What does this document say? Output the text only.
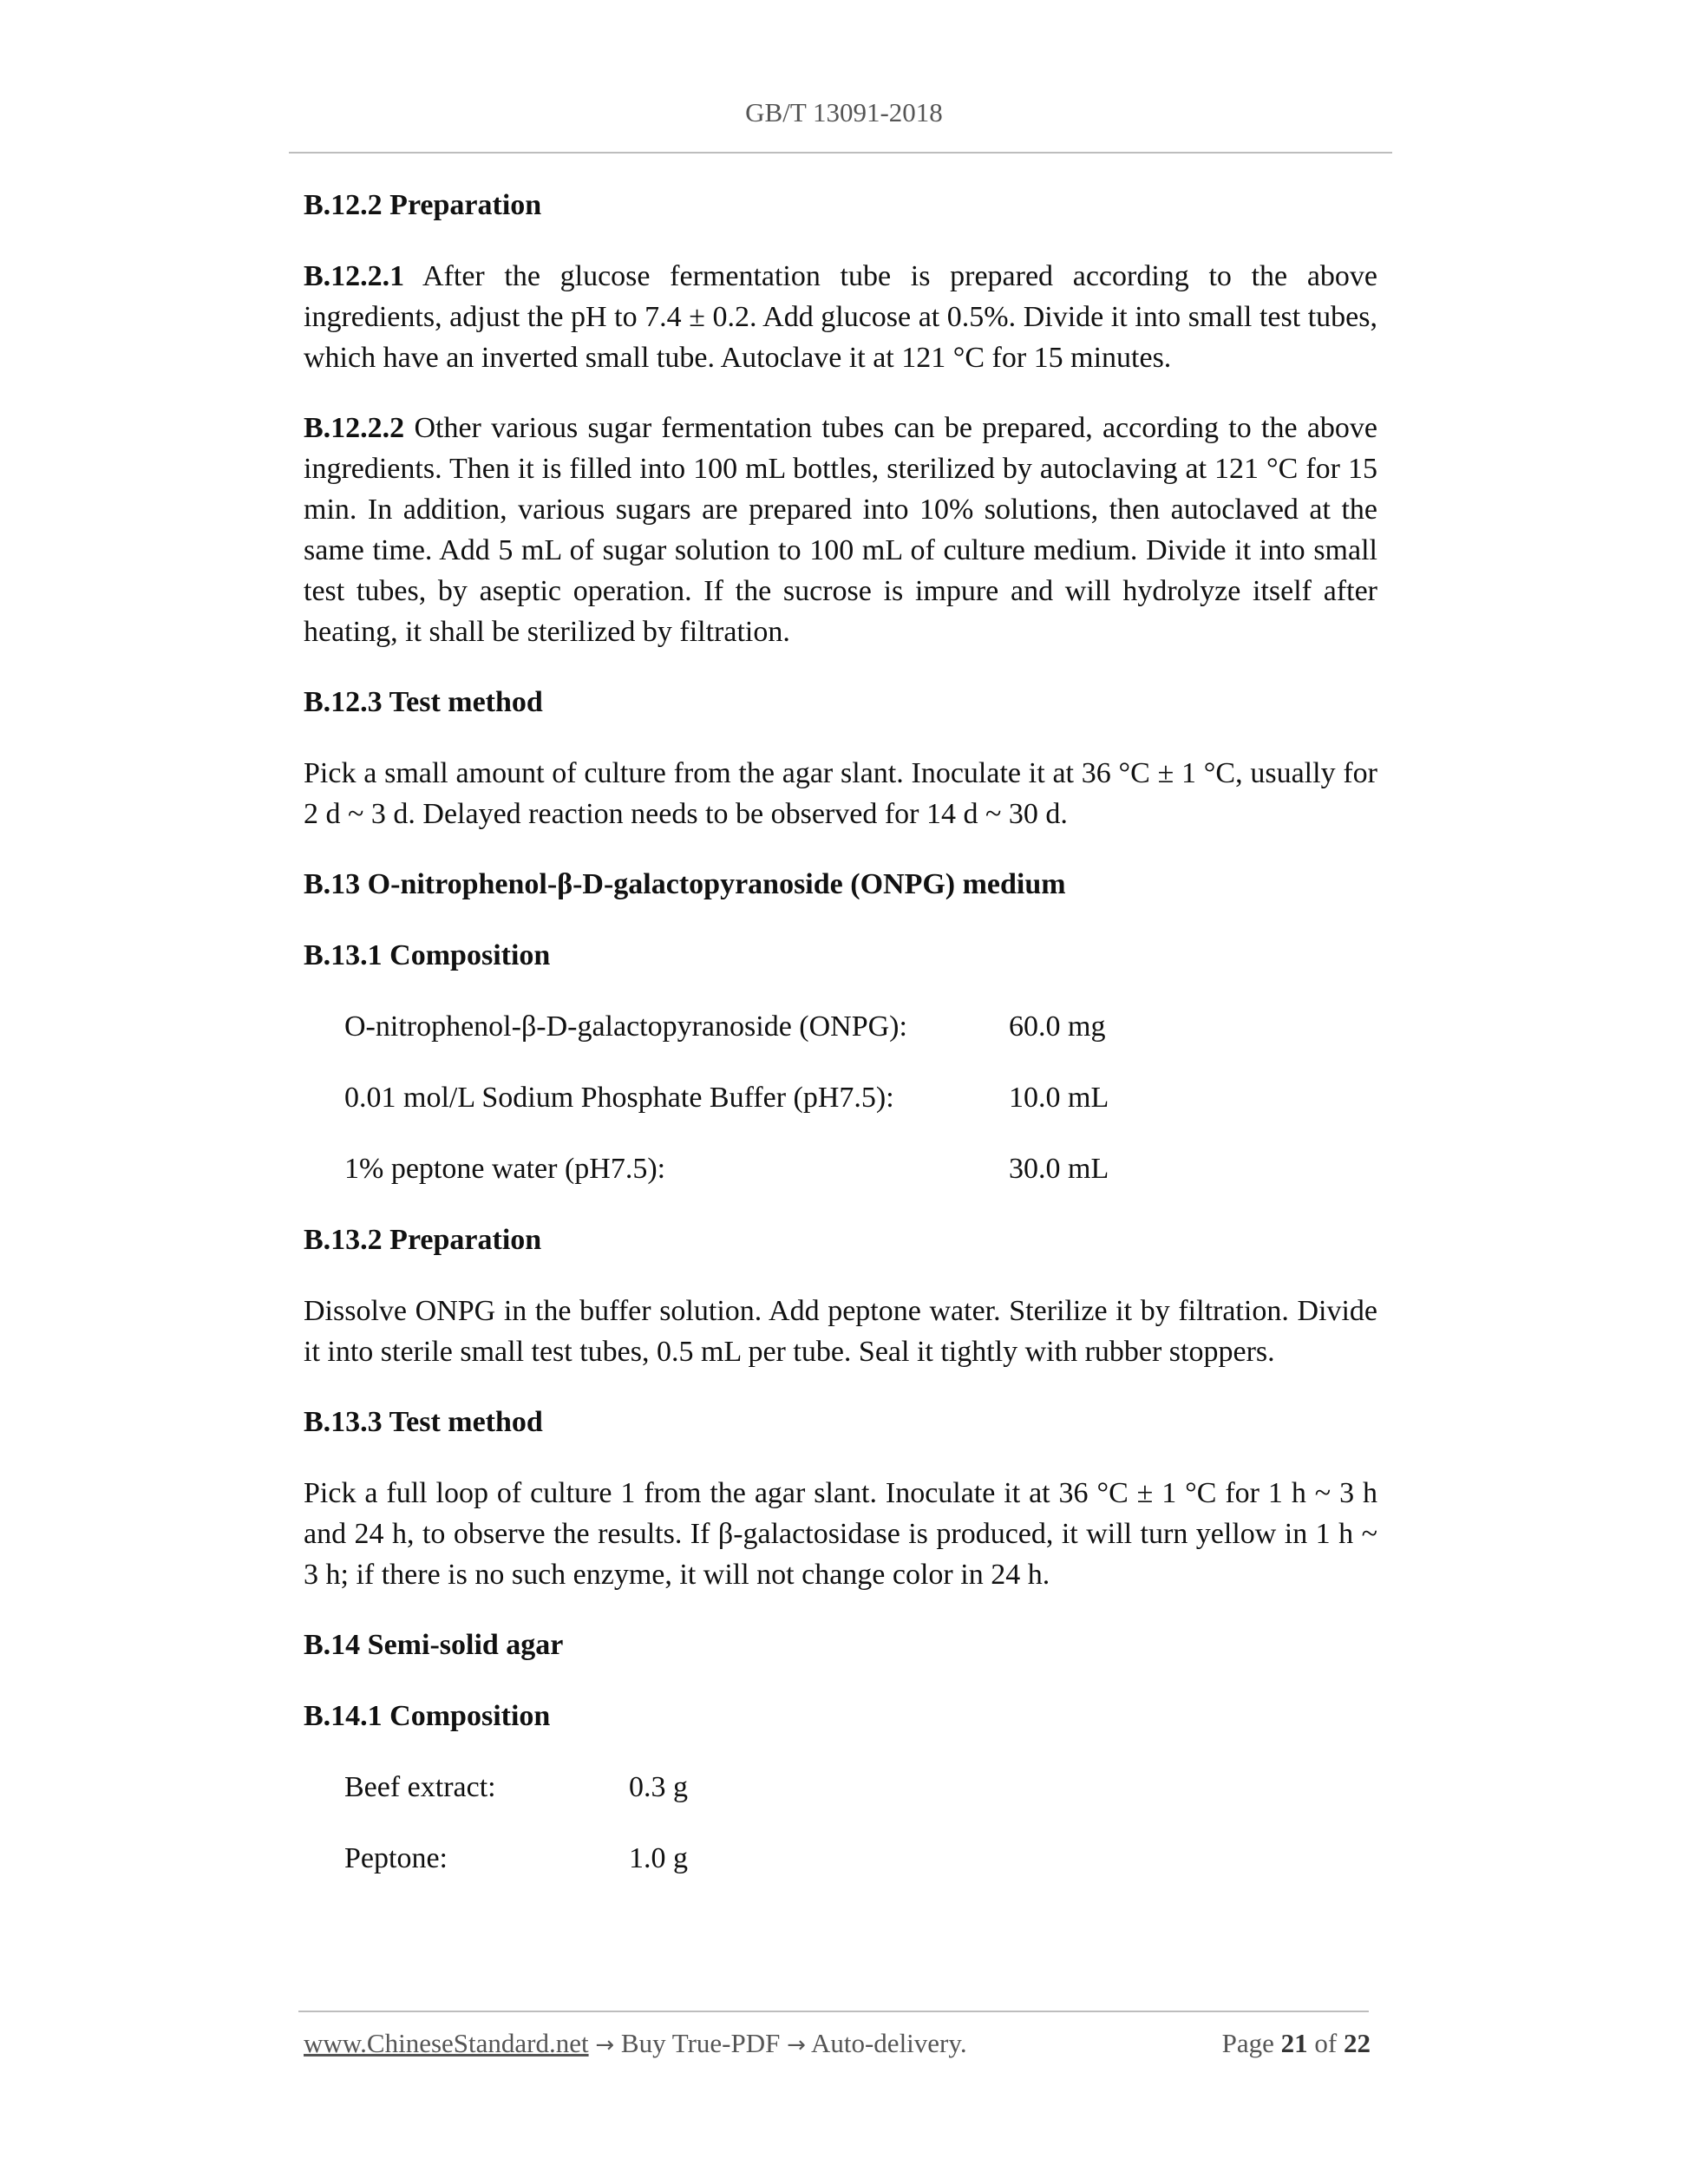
GB/T 13091-2018
B.12.2 Preparation
B.12.2.1 After the glucose fermentation tube is prepared according to the above ingredients, adjust the pH to 7.4 ± 0.2. Add glucose at 0.5%. Divide it into small test tubes, which have an inverted small tube. Autoclave it at 121 °C for 15 minutes.
B.12.2.2 Other various sugar fermentation tubes can be prepared, according to the above ingredients. Then it is filled into 100 mL bottles, sterilized by autoclaving at 121 °C for 15 min. In addition, various sugars are prepared into 10% solutions, then autoclaved at the same time. Add 5 mL of sugar solution to 100 mL of culture medium. Divide it into small test tubes, by aseptic operation. If the sucrose is impure and will hydrolyze itself after heating, it shall be sterilized by filtration.
B.12.3 Test method
Pick a small amount of culture from the agar slant. Inoculate it at 36 °C ± 1 °C, usually for 2 d ~ 3 d. Delayed reaction needs to be observed for 14 d ~ 30 d.
B.13 O-nitrophenol-β-D-galactopyranoside (ONPG) medium
B.13.1 Composition
O-nitrophenol-β-D-galactopyranoside (ONPG):	60.0 mg
0.01 mol/L Sodium Phosphate Buffer (pH7.5):	10.0 mL
1% peptone water (pH7.5):	30.0 mL
B.13.2 Preparation
Dissolve ONPG in the buffer solution. Add peptone water. Sterilize it by filtration. Divide it into sterile small test tubes, 0.5 mL per tube. Seal it tightly with rubber stoppers.
B.13.3 Test method
Pick a full loop of culture 1 from the agar slant. Inoculate it at 36 °C ± 1 °C for 1 h ~ 3 h and 24 h, to observe the results. If β-galactosidase is produced, it will turn yellow in 1 h ~ 3 h; if there is no such enzyme, it will not change color in 24 h.
B.14 Semi-solid agar
B.14.1 Composition
Beef extract:	0.3 g
Peptone:	1.0 g
www.ChineseStandard.net → Buy True-PDF → Auto-delivery.	Page 21 of 22
